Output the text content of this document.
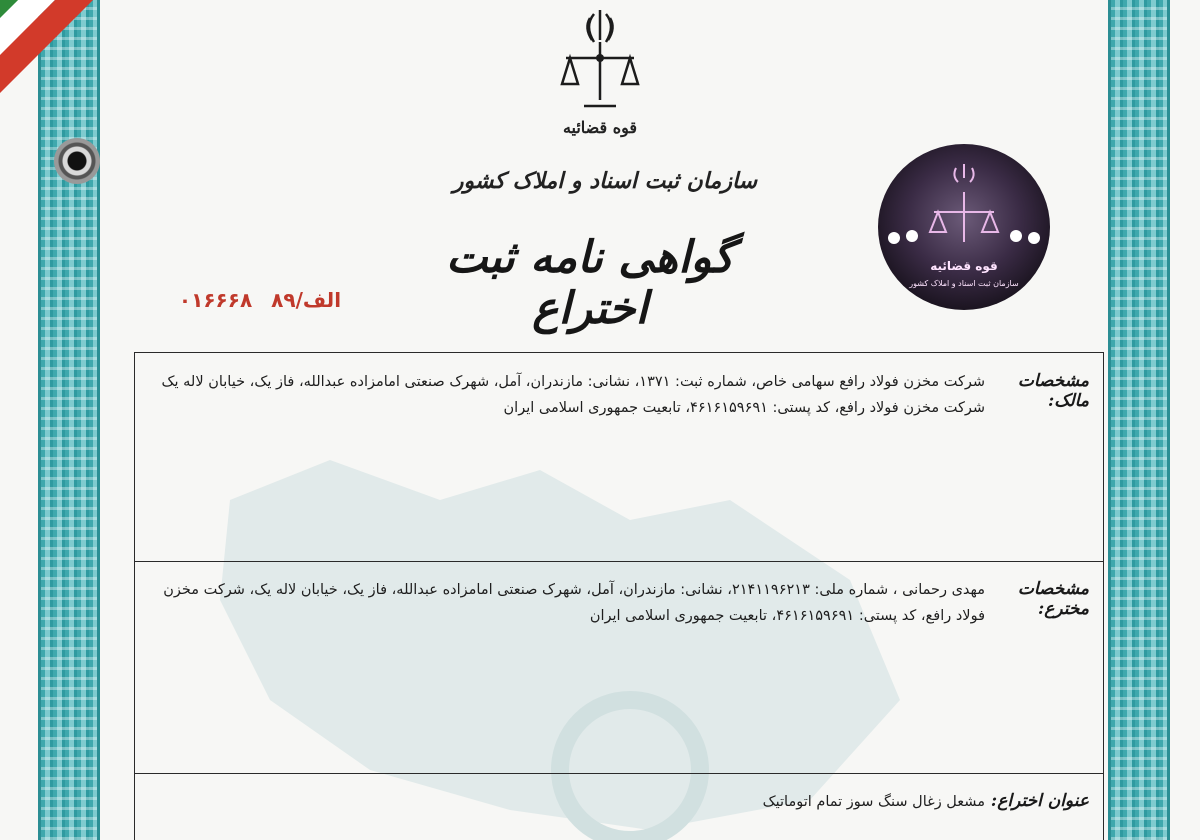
قوه قضائیه
سازمان ثبت اسناد و املاک کشور
گواهی نامه ثبت اختراع
الف/۸۹ ۰۱۶۶۶۸
قوه قضائیه
سازمان ثبت اسناد و املاک کشور
مشخصات مالک:
شرکت مخزن فولاد رافع سهامی خاص، شماره ثبت: ۱۳۷۱، نشانی: مازندران، آمل، شهرک صنعتی امامزاده عبدالله، فاز یک، خیابان لاله یک شرکت مخزن فولاد رافع، کد پستی: ۴۶۱۶۱۵۹۶۹۱، تابعیت جمهوری اسلامی ایران
مشخصات مخترع:
مهدی رحمانی ، شماره ملی: ۲۱۴۱۱۹۶۲۱۳، نشانی: مازندران، آمل، شهرک صنعتی امامزاده عبدالله، فاز یک، خیابان لاله یک، شرکت مخزن فولاد رافع، کد پستی: ۴۶۱۶۱۵۹۶۹۱، تابعیت جمهوری اسلامی ایران
عنوان اختراع:
مشعل زغال سنگ سوز تمام اتوماتیک
